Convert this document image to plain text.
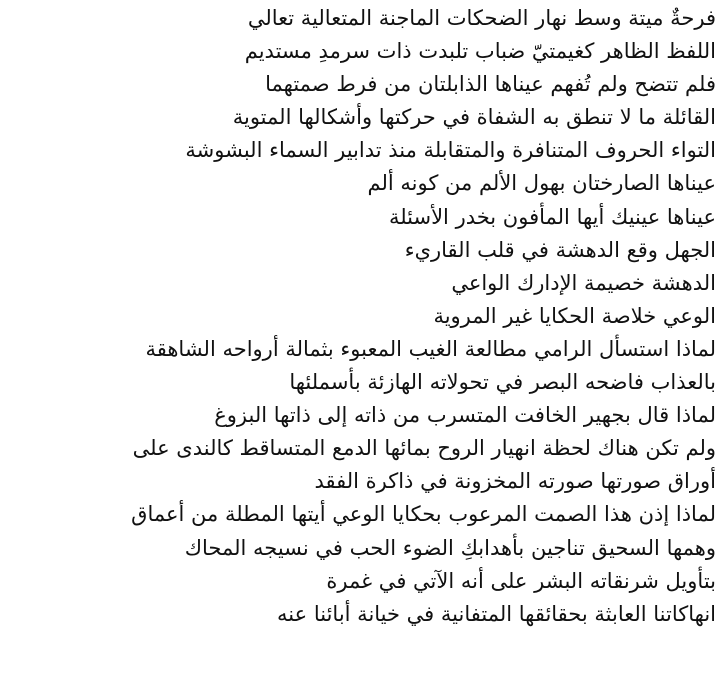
فرحةٌ ميتة وسط نهار الضحكات الماجنة المتعالية تعالي
اللفظ الظاهر كغيمتيّ ضباب تلبدت ذات سرمدِ مستديم
فلم تتضح ولم تُفهم عيناها الذابلتان من فرط صمتهما
القائلة ما لا تنطق به الشفاة في حركتها وأشكالها المتوية
التواء الحروف المتنافرة والمتقابلة منذ تدابير السماء البشوشة
عيناها الصارختان بهول الألم من كونه ألم
عيناها عينيك أيها المأفون بخدر الأسئلة
الجهل وقع الدهشة في قلب القاريء
الدهشة خصيمة الإدارك الواعي
الوعي خلاصة الحكايا غير المروية
لماذا استسأل الرامي مطالعة الغيب المعبوء بثمالة أرواحه الشاهقة
بالعذاب فاضحه البصر في تحولاته الهازئة بأسملئها
لماذا قال بجهير الخافت المتسرب من ذاته إلى ذاتها البزوغ
ولم تكن هناك لحظة انهيار الروح بمائها الدمع المتساقط كالندى على
أوراق صورتها صورته المخزونة في ذاكرة الفقد
لماذا إذن هذا الصمت المرعوب بحكايا الوعي أيتها المطلة من أعماق
وهمها السحيق تناجين بأهدابكِ الضوء الحب في نسيجه المحاك
بتأويل شرنقاته البشر على أنه الآتي في غمرة
انهاكاتنا العابثة بحقائقها المتفانية في خيانة أبائنا عنه
